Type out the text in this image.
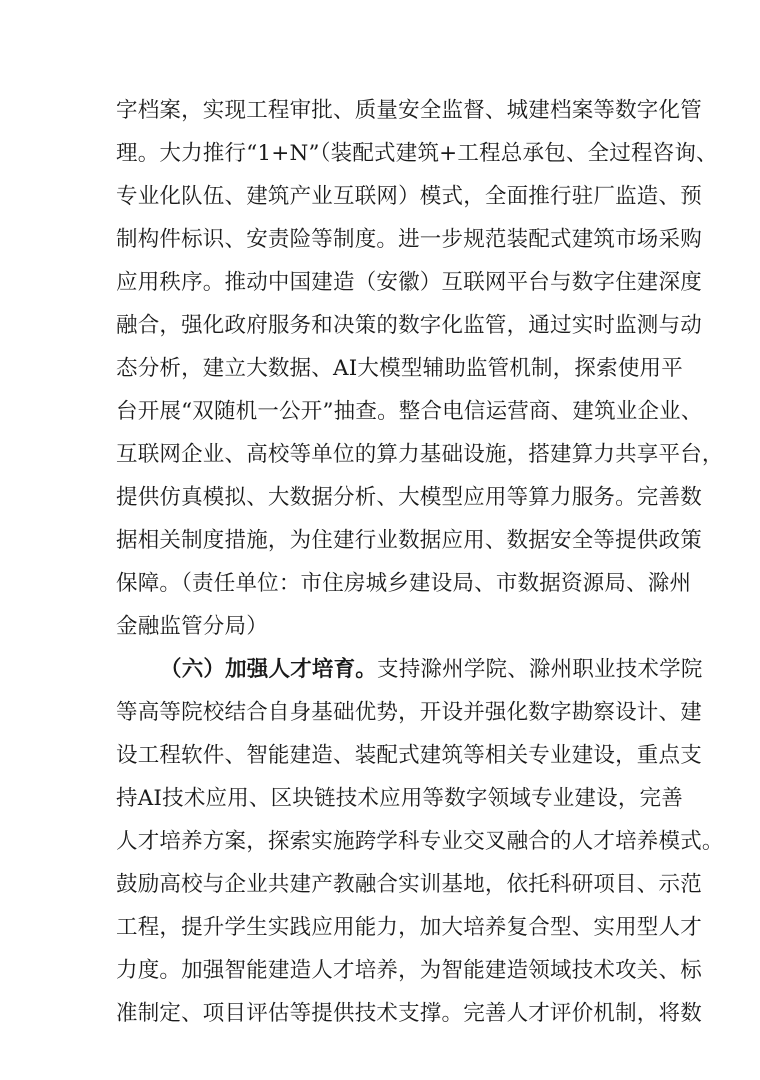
字档案，实现工程审批、质量安全监督、城建档案等数字化管
理。大力推行“1+N”（装配式建筑+工程总承包、全过程咨询、
专业化队伍、建筑产业互联网）模式，全面推行驻厂监造、预
制构件标识、安责险等制度。进一步规范装配式建筑市场采购
应用秩序。推动中国建造（安徽）互联网平台与数字住建深度
融合，强化政府服务和决策的数字化监管，通过实时监测与动
态分析，建立大数据、AI大模型辅助监管机制，探索使用平
台开展“双随机一公开”抽查。整合电信运营商、建筑业企业、
互联网企业、高校等单位的算力基础设施，搭建算力共享平台，
提供仿真模拟、大数据分析、大模型应用等算力服务。完善数
据相关制度措施，为住建行业数据应用、数据安全等提供政策
保障。（责任单位：市住房城乡建设局、市数据资源局、滁州
金融监管分局）
（六）加强人才培育。支持滁州学院、滁州职业技术学院
等高等院校结合自身基础优势，开设并强化数字勘察设计、建
设工程软件、智能建造、装配式建筑等相关专业建设，重点支
持AI技术应用、区块链技术应用等数字领域专业建设，完善
人才培养方案，探索实施跨学科专业交叉融合的人才培养模式。
鼓励高校与企业共建产教融合实训基地，依托科研项目、示范
工程，提升学生实践应用能力，加大培养复合型、实用型人才
力度。加强智能建造人才培养，为智能建造领域技术攻关、标
准制定、项目评估等提供技术支撑。完善人才评价机制，将数
